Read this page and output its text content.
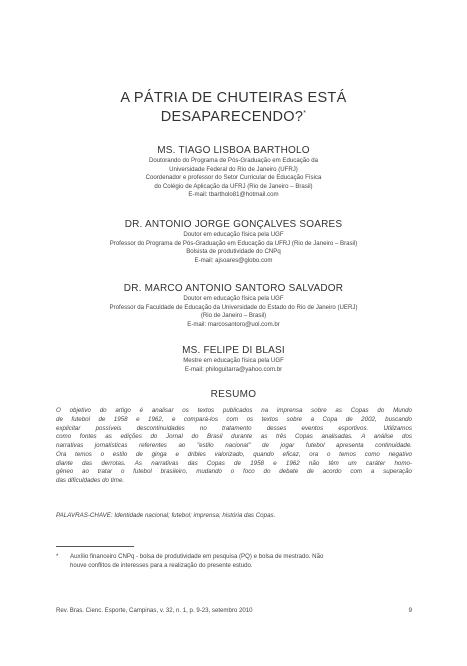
A PÁTRIA DE CHUTEIRAS ESTÁ
DESAPARECENDO?*
MS. TIAGO LISBOA BARTHOLO
Doutorando do Programa de Pós-Graduação em Educação da
Universidade Federal do Rio de Janeiro (UFRJ)
Coordenador e professor do Setor Curricular de Educação Física
do Colégio de Aplicação da UFRJ (Rio de Janeiro – Brasil)
E-mail: tbartholo81@hotmail.com
DR. ANTONIO JORGE GONÇALVES SOARES
Doutor em educação física pela UGF
Professor do Programa de Pós-Graduação em Educação da UFRJ (Rio de Janeiro – Brasil)
Bolsista de produtividade do CNPq
E-mail: ajsoares@globo.com
DR. MARCO ANTONIO SANTORO SALVADOR
Doutor em educação física pela UGF
Professor da Faculdade de Educação da Universidade do Estado do Rio de Janeiro (UERJ)
(Rio de Janeiro – Brasil)
E-mail: marcosantoro@uol.com.br
MS. FELIPE DI BLASI
Mestre em educação física pela UGF
E-mail: philoguitarra@yahoo.com.br
RESUMO
O objetivo do artigo é analisar os textos publicados na imprensa sobre as Copas do Mundo
de futebol de 1958 e 1962, e compará-los com os textos sobre a Copa de 2002, buscando
explicitar possíveis descontinuidades no tratamento desses eventos esportivos. Utilizamos
como fontes as edições do Jornal do Brasil durante as três Copas analisadas. A análise dos
narrativas jornalísticas referentes ao "estilo nacional" de jogar futebol apresenta continuidade.
Ora temos o estilo de ginga e dribles valorizado, quando eficaz, ora o temos como negativo
diante das derrotas. As narrativas das Copas de 1958 e 1962 não têm um caráter homo-
gêneo ao tratar o futebol brasileiro, mudando o foco do debate de acordo com a superação
das dificuldades do time.
PALAVRAS-CHAVE: Identidade nacional; futebol; imprensa; história das Copas.
* Auxílio financeiro CNPq - bolsa de produtividade em pesquisa (PQ) e bolsa de mestrado. Não
houve conflitos de interesses para a realização do presente estudo.
Rev. Bras. Cienc. Esporte, Campinas, v. 32, n. 1, p. 9-23, setembro 2010	9
